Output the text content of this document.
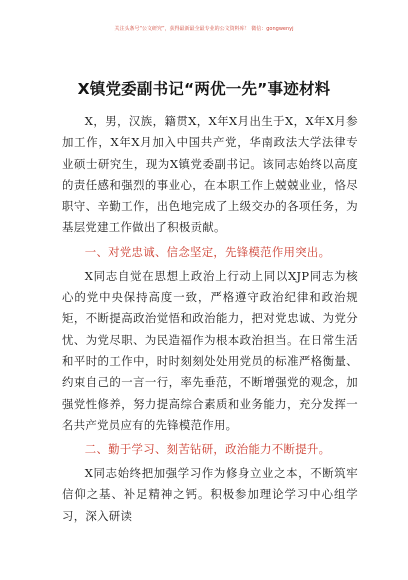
关注头条号“公文研究”，获得最新最全最专业的公文资料库！ 微信：gongwenyj
X镇党委副书记“两优一先”事迹材料

X，男，汉族，籍贯X，X年X月出生于X，X年X月参加工作，X年X月加入中国共产党，华南政法大学法律专业硕士研究生，现为X镇党委副书记。该同志始终以高度的责任感和强烈的事业心，在本职工作上兢兢业业，恪尽职守、辛勤工作，出色地完成了上级交办的各项任务，为基层党建工作做出了积极贡献。

一、对党忠诚、信念坚定，先锋模范作用突出。

X同志自觉在思想上政治上行动上同以XJP同志为核心的党中央保持高度一致，严格遵守政治纪律和政治规矩，不断提高政治觉悟和政治能力，把对党忠诚、为党分忧、为党尽职、为民造福作为根本政治担当。在日常生活和平时的工作中，时时刻刻处处用党员的标准严格衡量、约束自己的一言一行，率先垂范，不断增强党的观念，加强党性修养，努力提高综合素质和业务能力，充分发挥一名共产党员应有的先锋模范作用。

二、勤于学习、刻苦钻研，政治能力不断提升。

X同志始终把加强学习作为修身立业之本，不断筑牢信仰之基、补足精神之钙。积极参加理论学习中心组学习，深入研读
